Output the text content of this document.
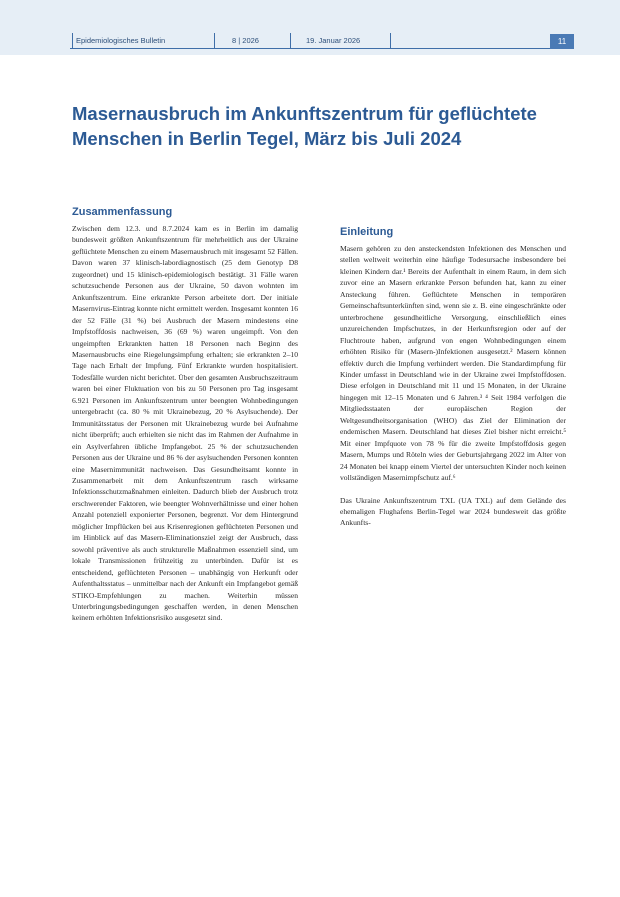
Epidemiologisches Bulletin	8 | 2026	19. Januar 2026	11
Masernausbruch im Ankunftszentrum für geflüchtete Menschen in Berlin Tegel, März bis Juli 2024
Zusammenfassung

Zwischen dem 12.3. und 8.7.2024 kam es in Berlin im damalig bundesweit größten Ankunftszentrum für mehrheitlich aus der Ukraine geflüchtete Menschen zu einem Masernausbruch mit insgesamt 52 Fällen. Davon waren 37 klinisch-labordiagnostisch (25 dem Genotyp D8 zugeordnet) und 15 klinisch-epidemiologisch bestätigt. 31 Fälle waren schutzsuchende Personen aus der Ukraine, 50 davon wohnten im Ankunftszentrum. Eine erkrankte Person arbeitete dort. Der initiale Masernvirus-Eintrag konnte nicht ermittelt werden. Insgesamt konnten 16 der 52 Fälle (31 %) bei Ausbruch der Masern mindestens eine Impfstoffdosis nachweisen, 36 (69 %) waren ungeimpft. Von den ungeimpften Erkrankten hatten 18 Personen nach Beginn des Masernausbruchs eine Riegelungsimpfung erhalten; sie erkrankten 2–10 Tage nach Erhalt der Impfung. Fünf Erkrankte wurden hospitalisiert. Todesfälle wurden nicht berichtet. Über den gesamten Ausbruchszeitraum waren bei einer Fluktuation von bis zu 50 Personen pro Tag insgesamt 6.921 Personen im Ankunftszentrum unter beengten Wohnbedingungen untergebracht (ca. 80 % mit Ukrainebezug, 20 % Asylsuchende). Der Immunitätsstatus der Personen mit Ukrainebezug wurde bei Aufnahme nicht überprüft; auch erhielten sie nicht das im Rahmen der Aufnahme in ein Asylverfahren übliche Impfangebot. 25 % der schutzsuchenden Personen aus der Ukraine und 86 % der asylsuchenden Personen konnten eine Masernimmunität nachweisen. Das Gesundheitsamt konnte in Zusammenarbeit mit dem Ankunftszentrum rasch wirksame Infektionsschutzmaßnahmen einleiten. Dadurch blieb der Ausbruch trotz erschwerender Faktoren, wie beengter Wohnverhältnisse und einer hohen Anzahl potenziell exponierter Personen, begrenzt. Vor dem Hintergrund möglicher Impflücken bei aus Krisenregionen geflüchteten Personen und im Hinblick auf das Masern-Eliminationsziel zeigt der Ausbruch, dass sowohl präventive als auch strukturelle Maßnahmen essenziell sind, um lokale Transmissionen frühzeitig zu unterbinden. Dafür ist es entscheidend, geflüchteten Personen – unabhängig von Herkunft oder Aufenthaltsstatus – unmittelbar nach der Ankunft ein Impfangebot gemäß STIKO-Empfehlungen zu machen. Weiterhin müssen Unterbringungsbedingungen geschaffen werden, in denen Menschen keinem erhöhten Infektionsrisiko ausgesetzt sind.

Einleitung

Masern gehören zu den ansteckendsten Infektionen des Menschen und stellen weltweit weiterhin eine häufige Todesursache insbesondere bei kleinen Kindern dar.¹ Bereits der Aufenthalt in einem Raum, in dem sich zuvor eine an Masern erkrankte Person befunden hat, kann zu einer Ansteckung führen. Geflüchtete Menschen in temporären Gemeinschaftsunterkünften sind, wenn sie z. B. eine eingeschränkte oder unterbrochene gesundheitliche Versorgung, einschließlich eines unzureichenden Impfschutzes, in der Herkunftsregion oder auf der Fluchtroute haben, aufgrund von engen Wohnbedingungen einem erhöhten Risiko für (Masern-)Infektionen ausgesetzt.² Masern können effektiv durch die Impfung verhindert werden. Die Standardimpfung für Kinder umfasst in Deutschland wie in der Ukraine zwei Impfstoffdosen. Diese erfolgen in Deutschland mit 11 und 15 Monaten, in der Ukraine hingegen mit 12–15 Monaten und 6 Jahren.³ ⁴ Seit 1984 verfolgen die Mitgliedsstaaten der europäischen Region der Weltgesundheitsorganisation (WHO) das Ziel der Elimination der endemischen Masern. Deutschland hat dieses Ziel bisher nicht erreicht.⁵ Mit einer Impfquote von 78 % für die zweite Impfstoffdosis gegen Masern, Mumps und Röteln wies der Geburtsjahrgang 2022 im Alter von 24 Monaten bei knapp einem Viertel der untersuchten Kinder noch keinen vollständigen Masernimpfschutz auf.⁶

Das Ukraine Ankunftszentrum TXL (UA TXL) auf dem Gelände des ehemaligen Flughafens Berlin-Tegel war 2024 bundesweit das größte Ankunfts-
